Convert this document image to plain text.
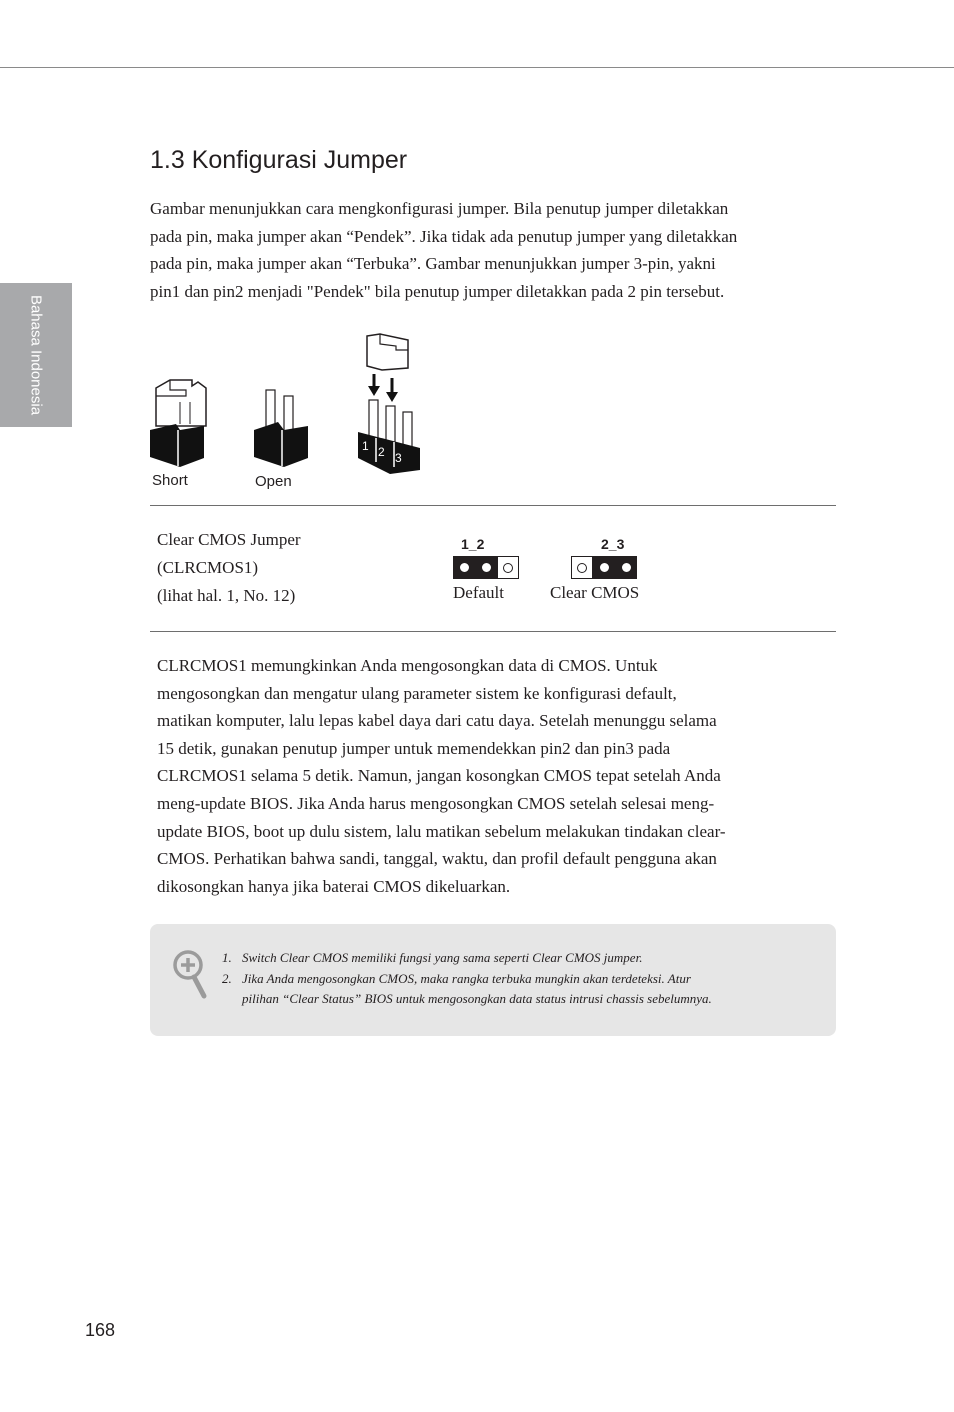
Bahasa Indonesia
1.3 Konfigurasi Jumper

Gambar menunjukkan cara mengkonfigurasi jumper. Bila penutup jumper diletakkan
pada pin, maka jumper akan “Pendek”. Jika tidak ada penutup jumper yang diletakkan
pada pin, maka jumper akan “Terbuka”. Gambar menunjukkan jumper 3-pin, yakni
pin1 dan pin2 menjadi "Pendek" bila penutup jumper diletakkan pada 2 pin tersebut.

1 2 3
Short	Open
Clear CMOS Jumper
(CLRCMOS1)
(lihat hal. 1, No. 12)
1_2
Default
2_3
Clear CMOS

CLRCMOS1 memungkinkan Anda mengosongkan data di CMOS. Untuk
mengosongkan dan mengatur ulang parameter sistem ke konfigurasi default,
matikan komputer, lalu lepas kabel daya dari catu daya. Setelah menunggu selama
15 detik, gunakan penutup jumper untuk memendekkan pin2 dan pin3 pada
CLRCMOS1 selama 5 detik. Namun, jangan kosongkan CMOS tepat setelah Anda
meng-update BIOS. Jika Anda harus mengosongkan CMOS setelah selesai meng-
update BIOS, boot up dulu sistem, lalu matikan sebelum melakukan tindakan clear-
CMOS. Perhatikan bahwa sandi, tanggal, waktu, dan profil default pengguna akan
dikosongkan hanya jika baterai CMOS dikeluarkan.

1. Switch Clear CMOS memiliki fungsi yang sama seperti Clear CMOS jumper.
2. Jika Anda mengosongkan CMOS, maka rangka terbuka mungkin akan terdeteksi. Atur
pilihan “Clear Status” BIOS untuk mengosongkan data status intrusi chassis sebelumnya.
168
